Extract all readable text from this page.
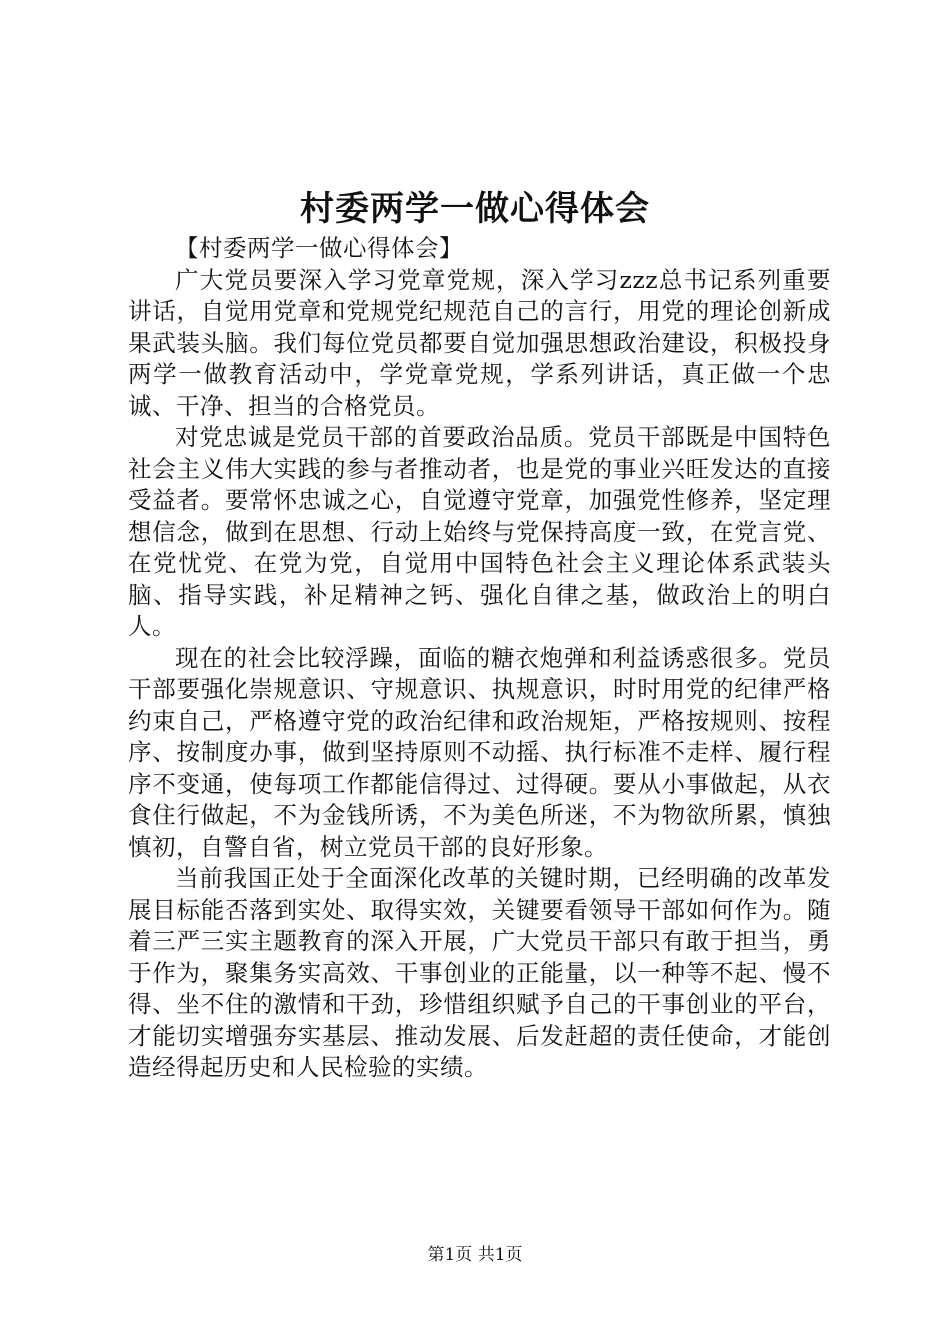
村委两学一做心得体会

【村委两学一做心得体会】

广大党员要深入学习党章党规，深入学习zzz总书记系列重要讲话，自觉用党章和党规党纪规范自己的言行，用党的理论创新成果武装头脑。我们每位党员都要自觉加强思想政治建设，积极投身两学一做教育活动中，学党章党规，学系列讲话，真正做一个忠诚、干净、担当的合格党员。

对党忠诚是党员干部的首要政治品质。党员干部既是中国特色社会主义伟大实践的参与者推动者，也是党的事业兴旺发达的直接受益者。要常怀忠诚之心，自觉遵守党章，加强党性修养，坚定理想信念，做到在思想、行动上始终与党保持高度一致，在党言党、在党忧党、在党为党，自觉用中国特色社会主义理论体系武装头脑、指导实践，补足精神之钙、强化自律之基，做政治上的明白人。

现在的社会比较浮躁，面临的糖衣炮弹和利益诱惑很多。党员干部要强化崇规意识、守规意识、执规意识，时时用党的纪律严格约束自己，严格遵守党的政治纪律和政治规矩，严格按规则、按程序、按制度办事，做到坚持原则不动摇、执行标准不走样、履行程序不变通，使每项工作都能信得过、过得硬。要从小事做起，从衣食住行做起，不为金钱所诱，不为美色所迷，不为物欲所累，慎独慎初，自警自省，树立党员干部的良好形象。

当前我国正处于全面深化改革的关键时期，已经明确的改革发展目标能否落到实处、取得实效，关键要看领导干部如何作为。随着三严三实主题教育的深入开展，广大党员干部只有敢于担当，勇于作为，聚集务实高效、干事创业的正能量，以一种等不起、慢不得、坐不住的激情和干劲，珍惜组织赋予自己的干事创业的平台，才能切实增强夯实基层、推动发展、后发赶超的责任使命，才能创造经得起历史和人民检验的实绩。

第1页 共1页
